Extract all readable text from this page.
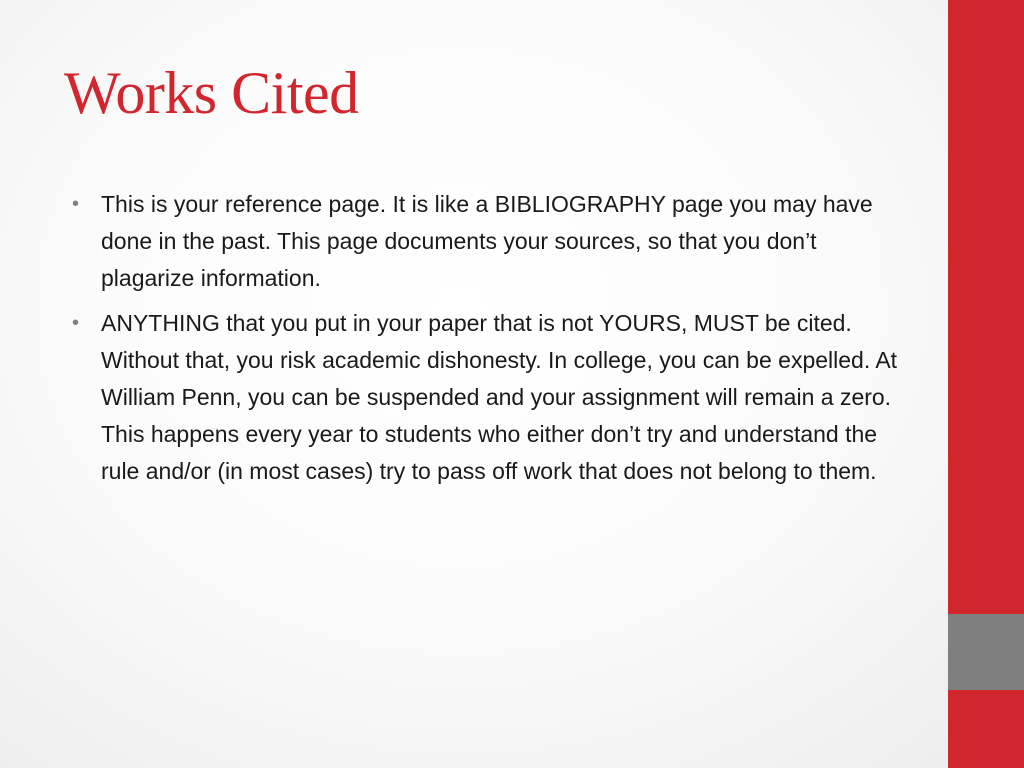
Works Cited
• This is your reference page. It is like a BIBLIOGRAPHY page you may have done in the past. This page documents your sources, so that you don’t plagarize information.
• ANYTHING that you put in your paper that is not YOURS, MUST be cited. Without that, you risk academic dishonesty. In college, you can be expelled. At William Penn, you can be suspended and your assignment will remain a zero. This happens every year to students who either don’t try and understand the rule and/or (in most cases) try to pass off work that does not belong to them.
